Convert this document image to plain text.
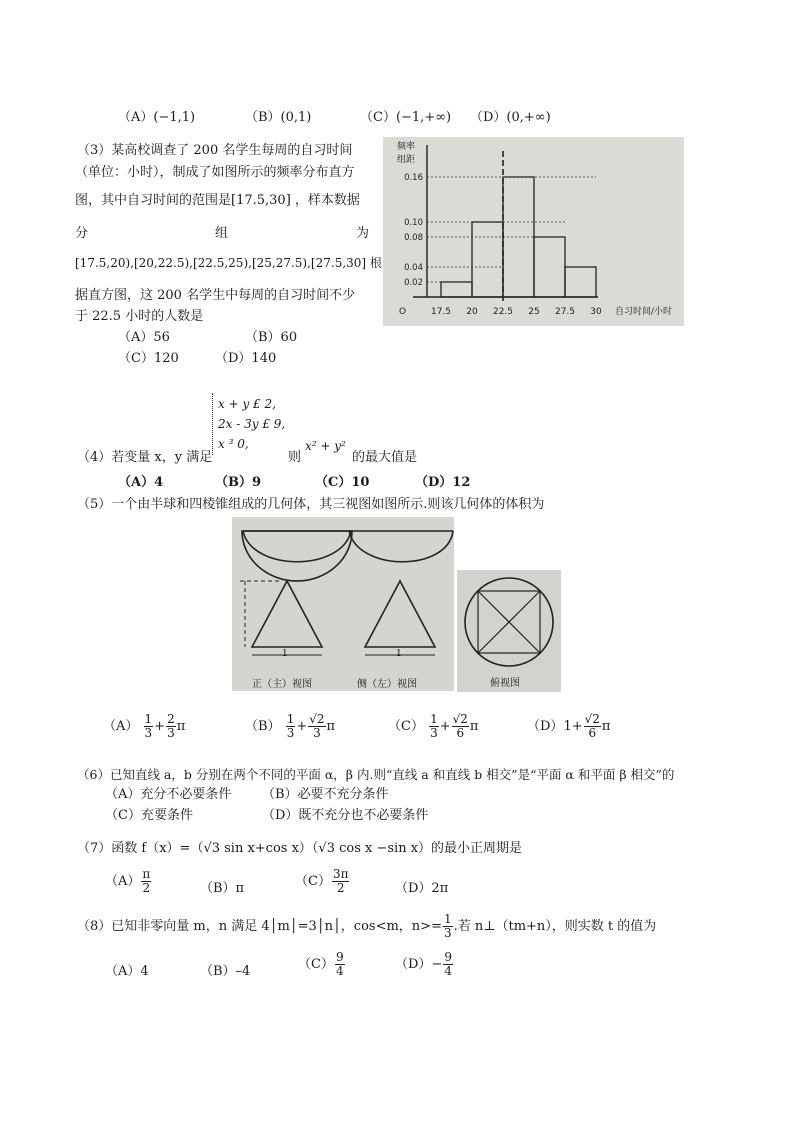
（A）(−1,1)	（B）(0,1)	（C）(−1,+∞) （D）(0,+∞)
（3）某高校调查了 200 名学生每周的自习时间
（单位：小时），制成了如图所示的频率分布直方
图，其中自习时间的范围是[17.5,30] ，样本数据
分	组	为
[17.5,20),[20,22.5),[22.5,25),[25,27.5),[27.5,30] 根
据直方图，这 200 名学生中每周的自习时间不少
于 22.5 小时的人数是
（A）56	（B）60
（C）120	（D）140
0.02
0.04
0.08
0.10
0.16
17.5 20 22.5 25 27.5 30
频率
组距
O	自习时间/小时
x + y £ 2,
2x - 3y £ 9,
x ³ 0,
（4）若变量 x，y 满足	则
x² + y²
的最大值是
（A）4	（B）9	（C）10	（D）12
（5）一个由半球和四棱锥组成的几何体，其三视图如图所示.则该几何体的体积为
1	1
正（主）视图	侧（左）视图	俯视图
$(A) \frac{1}{3} + \frac{2}{3}$ π	$(B) \frac{1}{3} + \frac{√2}{3}$ π	$(C) \frac{1}{3} + \frac{√2}{6}$ π	$(D)1+ \frac{√2}{6}$ π
（6）已知直线 a，b 分别在两个不同的平面 α，β 内.则“直线 a 和直线 b 相交”是“平面 α 和平面 β 相交”的
（A）充分不必要条件 （B）必要不充分条件
（C）充要条件	（D）既不充分也不必要条件
（7）函数 f（x）=（√3 sin x+cos x）（√3 cos x −sin x）的最小正周期是
$(A) \frac{\pi}{2}$	（B）π	$(C) \frac{3\pi}{2}$	（D）2π
（8）已知非零向量 m，n 满足 4│m│=3│n│，cos<m，$n>= \frac{1}{3}$ .若 n⊥（tm+n），则实数 t 的值为
（A）4	（B）–4	$(C) \frac{9}{4}$	$(D)- \frac{9}{4}$
